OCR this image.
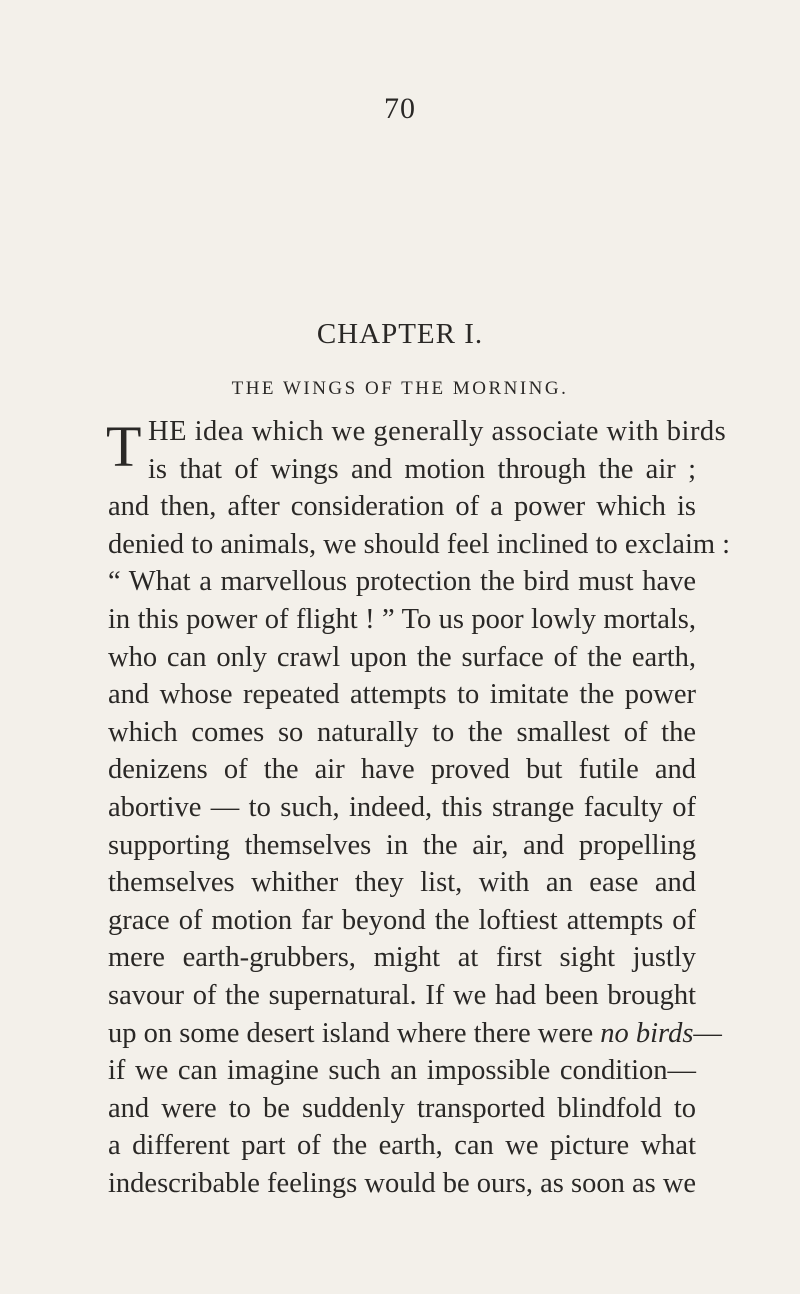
70
CHAPTER I.
THE WINGS OF THE MORNING.
T HE idea which we generally associate with birds
is that of wings and motion through the air ;
and then, after consideration of a power which is
denied to animals, we should feel inclined to exclaim :
“ What a marvellous protection the bird must have
in this power of flight ! ” To us poor lowly mortals,
who can only crawl upon the surface of the earth,
and whose repeated attempts to imitate the power
which comes so naturally to the smallest of the
denizens of the air have proved but futile and
abortive — to such, indeed, this strange faculty of
supporting themselves in the air, and propelling
themselves whither they list, with an ease and
grace of motion far beyond the loftiest attempts of
mere earth-grubbers, might at first sight justly
savour of the supernatural. If we had been brought
up on some desert island where there were no birds—
if we can imagine such an impossible condition—
and were to be suddenly transported blindfold to
a different part of the earth, can we picture what
indescribable feelings would be ours, as soon as we
